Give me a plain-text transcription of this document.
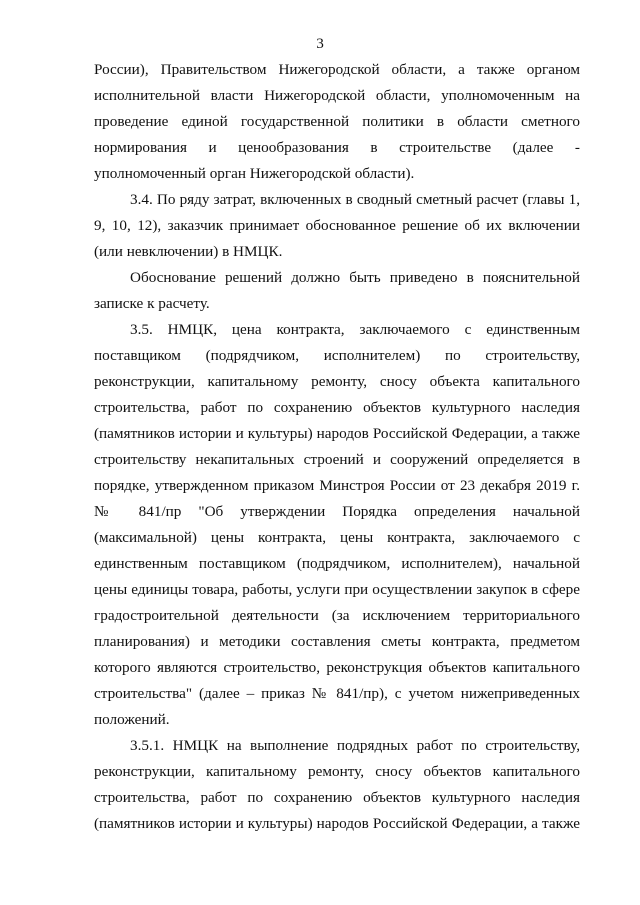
3

России), Правительством Нижегородской области, а также органом исполнительной власти Нижегородской области, уполномоченным на проведение единой государственной политики в области сметного нормирования и ценообразования в строительстве (далее - уполномоченный орган Нижегородской области).

3.4. По ряду затрат, включенных в сводный сметный расчет (главы 1, 9, 10, 12), заказчик принимает обоснованное решение об их включении (или невключении) в НМЦК.

Обоснование решений должно быть приведено в пояснительной записке к расчету.

3.5. НМЦК, цена контракта, заключаемого с единственным поставщиком (подрядчиком, исполнителем) по строительству, реконструкции, капитальному ремонту, сносу объекта капитального строительства, работ по сохранению объектов культурного наследия (памятников истории и культуры) народов Российской Федерации, а также строительству некапитальных строений и сооружений определяется в порядке, утвержденном приказом Минстроя России от 23 декабря 2019 г. № 841/пр "Об утверждении Порядка определения начальной (максимальной) цены контракта, цены контракта, заключаемого с единственным поставщиком (подрядчиком, исполнителем), начальной цены единицы товара, работы, услуги при осуществлении закупок в сфере градостроительной деятельности (за исключением территориального планирования) и методики составления сметы контракта, предметом которого являются строительство, реконструкция объектов капитального строительства" (далее – приказ № 841/пр), с учетом нижеприведенных положений.

3.5.1. НМЦК на выполнение подрядных работ по строительству, реконструкции, капитальному ремонту, сносу объектов капитального строительства, работ по сохранению объектов культурного наследия (памятников истории и культуры) народов Российской Федерации, а также
